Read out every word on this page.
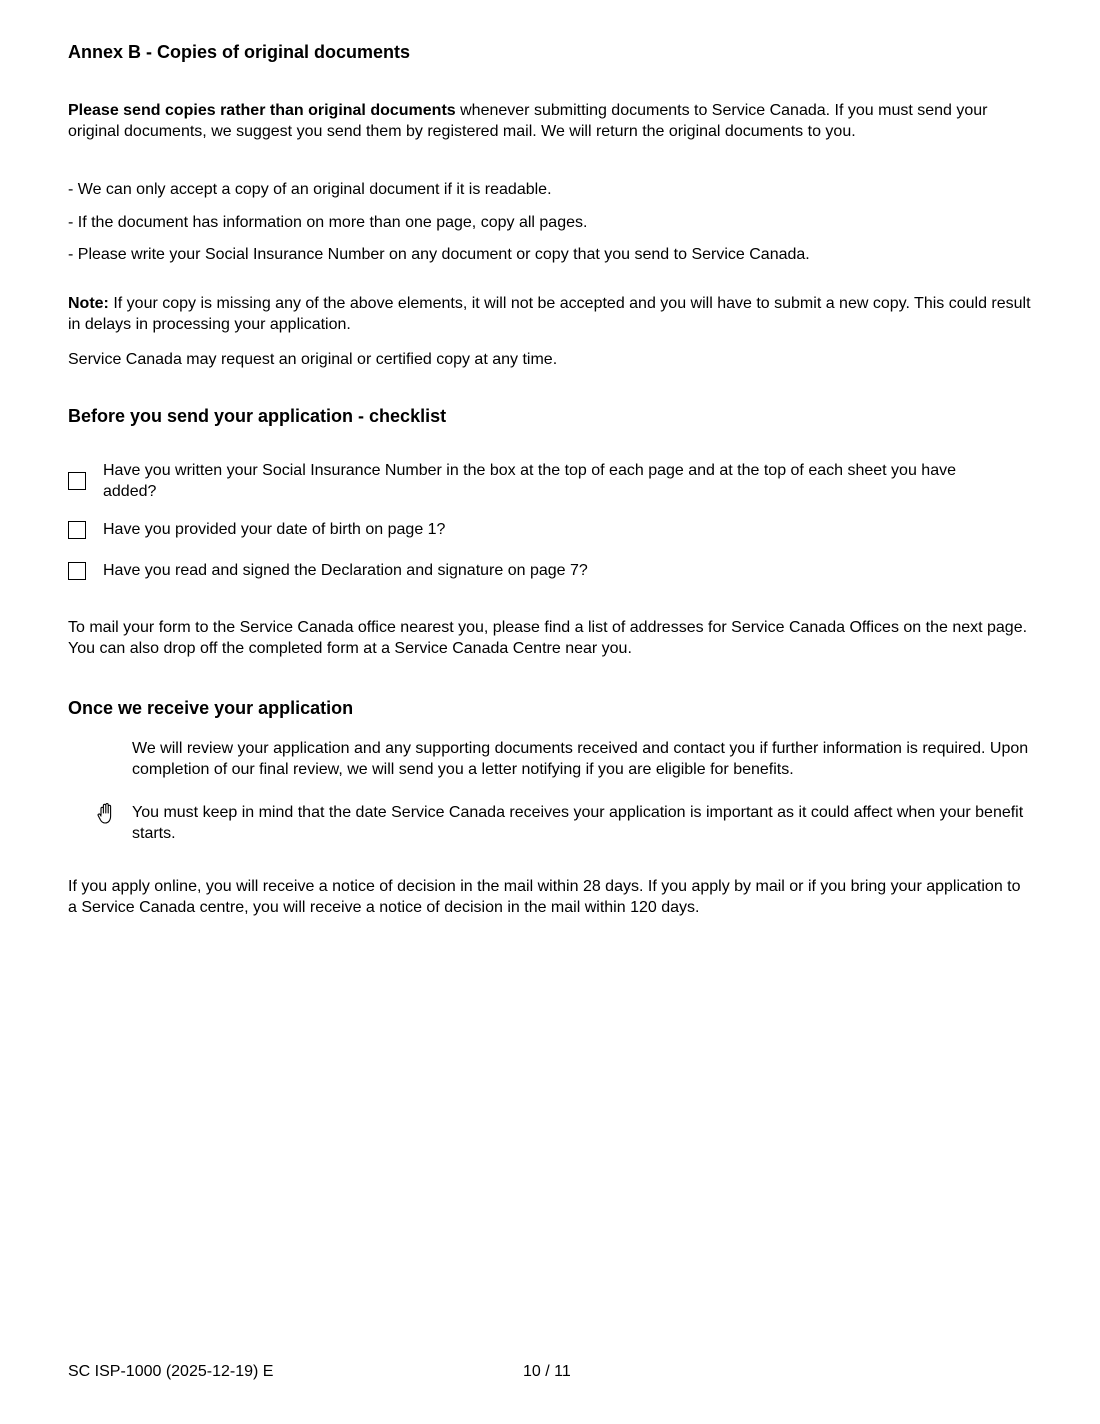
Annex B - Copies of original documents

Please send copies rather than original documents whenever submitting documents to Service Canada. If you must send your original documents, we suggest you send them by registered mail. We will return the original documents to you.

- We can only accept a copy of an original document if it is readable.

- If the document has information on more than one page, copy all pages.

- Please write your Social Insurance Number on any document or copy that you send to Service Canada.

Note: If your copy is missing any of the above elements, it will not be accepted and you will have to submit a new copy. This could result in delays in processing your application.

Service Canada may request an original or certified copy at any time.

Before you send your application - checklist

Have you written your Social Insurance Number in the box at the top of each page and at the top of each sheet you have added?

Have you provided your date of birth on page 1?

Have you read and signed the Declaration and signature on page 7?

To mail your form to the Service Canada office nearest you, please find a list of addresses for Service Canada Offices on the next page. You can also drop off the completed form at a Service Canada Centre near you.

Once we receive your application

We will review your application and any supporting documents received and contact you if further information is required. Upon completion of our final review, we will send you a letter notifying if you are eligible for benefits.

You must keep in mind that the date Service Canada receives your application is important as it could affect when your benefit starts.

If you apply online, you will receive a notice of decision in the mail within 28 days. If you apply by mail or if you bring your application to a Service Canada centre, you will receive a notice of decision in the mail within 120 days.

SC ISP-1000 (2025-12-19) E	10 / 11
